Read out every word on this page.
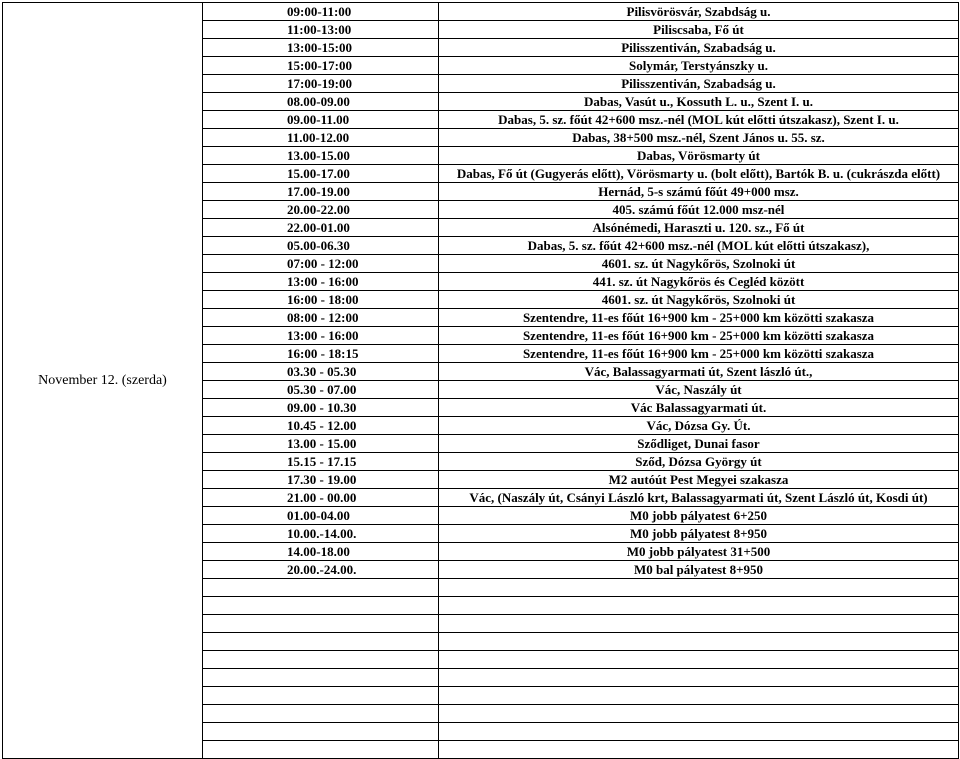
November 12. (szerda)	09:00-11:00	Pilisvörösvár, Szabdság u.
	11:00-13:00	Piliscsaba, Fő út
	13:00-15:00	Pilisszentiván, Szabadság u.
	15:00-17:00	Solymár, Terstyánszky u.
	17:00-19:00	Pilisszentiván, Szabadság u.
	08.00-09.00	Dabas, Vasút u., Kossuth L. u., Szent I. u.
	09.00-11.00	Dabas, 5. sz. főút 42+600 msz.-nél (MOL kút előtti útszakasz), Szent I. u.
	11.00-12.00	Dabas, 38+500 msz.-nél, Szent János u. 55. sz.
	13.00-15.00	Dabas, Vörösmarty út
	15.00-17.00	Dabas, Fő út (Gugyerás előtt), Vörösmarty u. (bolt előtt), Bartók B. u. (cukrászda előtt)
	17.00-19.00	Hernád, 5-s számú főút 49+000 msz.
	20.00-22.00	405. számú főút 12.000 msz-nél
	22.00-01.00	Alsónémedi, Haraszti u. 120. sz., Fő út
	05.00-06.30	Dabas, 5. sz. főút 42+600 msz.-nél (MOL kút előtti útszakasz),
	07:00 - 12:00	4601. sz. út Nagykőrös, Szolnoki út
	13:00 - 16:00	441. sz. út Nagykőrös és Cegléd között
	16:00 - 18:00	4601. sz. út Nagykőrös, Szolnoki út
	08:00 - 12:00	Szentendre, 11-es főút 16+900 km - 25+000 km közötti szakasza
	13:00 - 16:00	Szentendre, 11-es főút 16+900 km - 25+000 km közötti szakasza
	16:00 - 18:15	Szentendre, 11-es főút 16+900 km - 25+000 km közötti szakasza
	03.30 - 05.30	Vác, Balassagyarmati út, Szent lászló út.,
	05.30 - 07.00	Vác, Naszály út
	09.00 - 10.30	Vác Balassagyarmati út.
	10.45 - 12.00	Vác, Dózsa Gy. Út.
	13.00 - 15.00	Sződliget, Dunai fasor
	15.15 - 17.15	Sződ, Dózsa György út
	17.30 - 19.00	M2 autóút Pest Megyei szakasza
	21.00 - 00.00	Vác, (Naszály út, Csányi László krt, Balassagyarmati út, Szent László út, Kosdi út)
	01.00-04.00	M0 jobb pályatest 6+250
	10.00.-14.00.	M0 jobb pályatest 8+950
	14.00-18.00	M0 jobb pályatest 31+500
	20.00.-24.00.	M0 bal pályatest 8+950
